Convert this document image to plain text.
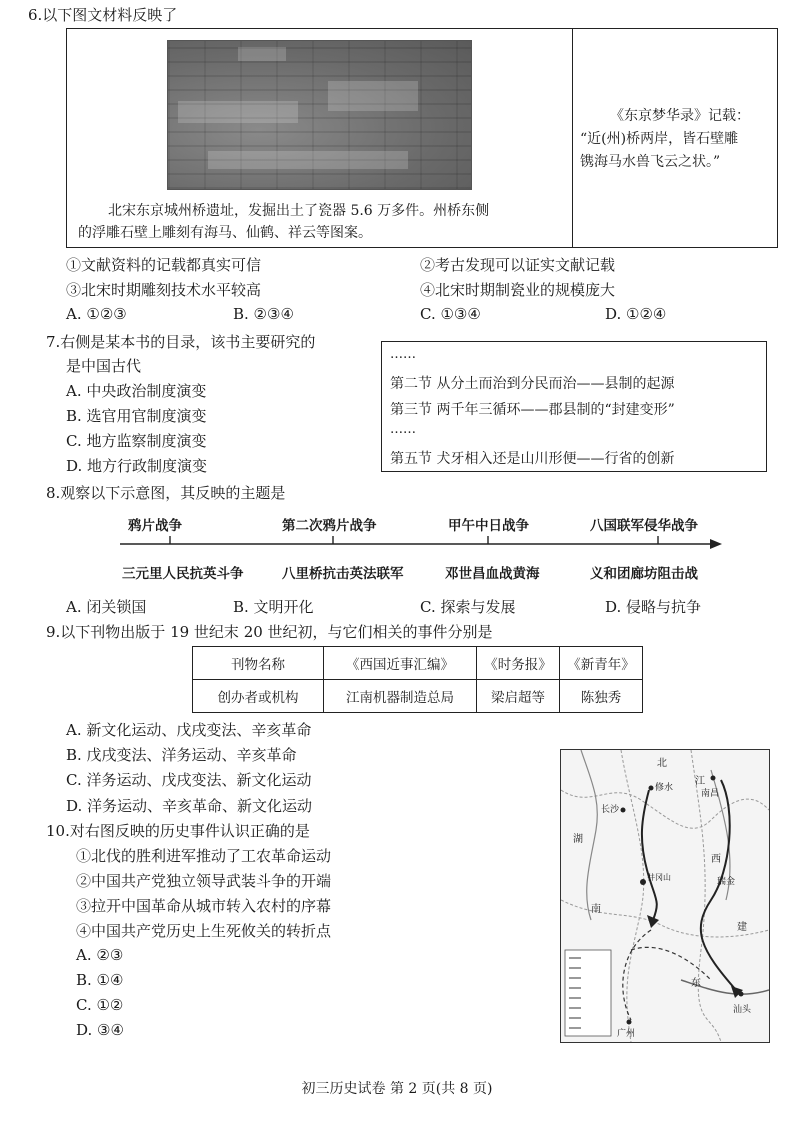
6.以下图文材料反映了
北宋东京城州桥遗址，发掘出土了瓷器 5.6 万多件。州桥东侧
的浮雕石壁上雕刻有海马、仙鹤、祥云等图案。
《东京梦华录》记载：
“近(州)桥两岸，皆石壁雕
镌海马水兽飞云之状。”
①文献资料的记载都真实可信	②考古发现可以证实文献记载
③北宋时期雕刻技术水平较高	④北宋时期制瓷业的规模庞大
A. ①②③	B. ②③④	C. ①③④	D. ①②④
7.右侧是某本书的目录，该书主要研究的
是中国古代
A. 中央政治制度演变
B. 选官用官制度演变
C. 地方监察制度演变
D. 地方行政制度演变
……
第二节 从分土而治到分民而治——县制的起源
第三节 两千年三循环——郡县制的“封建变形”
……
第五节 犬牙相入还是山川形便——行省的创新
8.观察以下示意图，其反映的主题是
鸦片战争	第二次鸦片战争	甲午中日战争	八国联军侵华战争
三元里人民抗英斗争	八里桥抗击英法联军	邓世昌血战黄海	义和团廊坊阻击战
A. 闭关锁国	B. 文明开化	C. 探索与发展	D. 侵略与抗争
9.以下刊物出版于 19 世纪末 20 世纪初，与它们相关的事件分别是
刊物名称	《西国近事汇编》	《时务报》	《新青年》
创办者或机构	江南机器制造总局	梁启超等	陈独秀
A. 新文化运动、戊戌变法、辛亥革命
B. 戊戌变法、洋务运动、辛亥革命
C. 洋务运动、戊戌变法、新文化运动
D. 洋务运动、辛亥革命、新文化运动
10.对右图反映的历史事件认识正确的是
①北伐的胜利进军推动了工农革命运动
②中国共产党独立领导武装斗争的开端
③拉开中国革命从城市转入农村的序幕
④中国共产党历史上生死攸关的转折点
A. ②③
B. ①④
C. ①②
D. ③④
北
江
南昌
修水
长沙
湖
井冈山
西
瑞金
南
建
东
汕头
广州
初三历史试卷 第 2 页(共 8 页)
